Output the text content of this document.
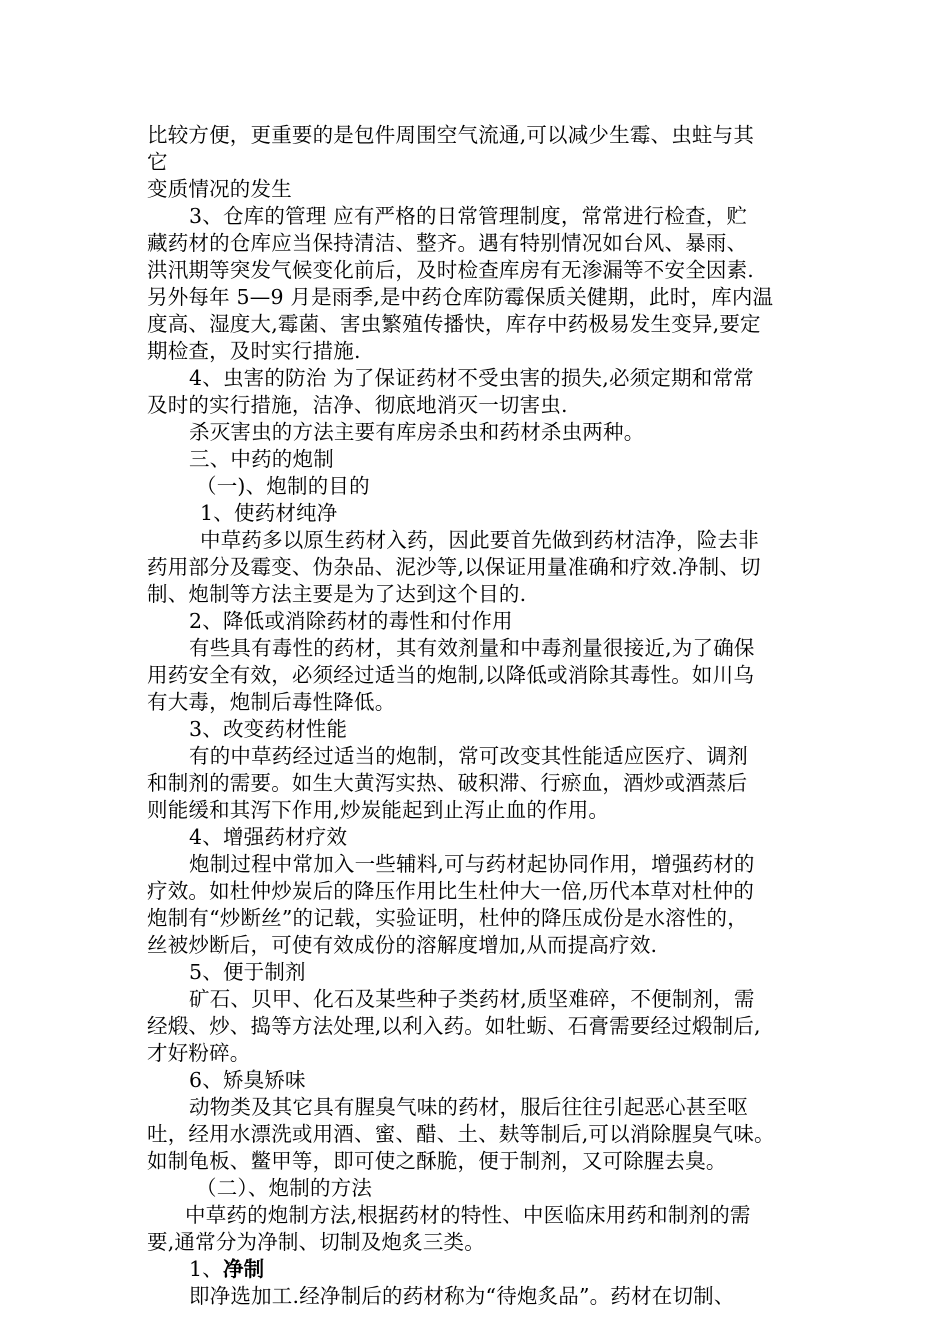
比较方便，更重要的是包件周围空气流通,可以减少生霉、虫蛀与其
它
变质情况的发生
3、仓库的管理 应有严格的日常管理制度，常常进行检查，贮
藏药材的仓库应当保持清洁、整齐。遇有特别情况如台风、暴雨、
洪汛期等突发气候变化前后，及时检查库房有无渗漏等不安全因素.
另外每年 5—9 月是雨季,是中药仓库防霉保质关健期，此时，库内温
度高、湿度大,霉菌、害虫繁殖传播快，库存中药极易发生变异,要定
期检查，及时实行措施.
4、虫害的防治 为了保证药材不受虫害的损失,必须定期和常常
及时的实行措施，洁净、彻底地消灭一切害虫.
杀灭害虫的方法主要有库房杀虫和药材杀虫两种。
三、中药的炮制
（一)、炮制的目的
1、使药材纯净
中草药多以原生药材入药，因此要首先做到药材洁净，险去非
药用部分及霉变、伪杂品、泥沙等,以保证用量准确和疗效.净制、切
制、炮制等方法主要是为了达到这个目的.
2、降低或消除药材的毒性和付作用
有些具有毒性的药材，其有效剂量和中毒剂量很接近,为了确保
用药安全有效，必须经过适当的炮制,以降低或消除其毒性。如川乌
有大毒，炮制后毒性降低。
3、改变药材性能
有的中草药经过适当的炮制，常可改变其性能适应医疗、调剂
和制剂的需要。如生大黄泻实热、破积滞、行瘀血，酒炒或酒蒸后
则能缓和其泻下作用,炒炭能起到止泻止血的作用。
4、增强药材疗效
炮制过程中常加入一些辅料,可与药材起协同作用，增强药材的
疗效。如杜仲炒炭后的降压作用比生杜仲大一倍,历代本草对杜仲的
炮制有“炒断丝”的记载，实验证明，杜仲的降压成份是水溶性的，
丝被炒断后，可使有效成份的溶解度增加,从而提高疗效.
5、便于制剂
矿石、贝甲、化石及某些种子类药材,质坚难碎，不便制剂，需
经煅、炒、捣等方法处理,以利入药。如牡蛎、石膏需要经过煅制后,
才好粉碎。
6、矫臭矫味
动物类及其它具有腥臭气味的药材，服后往往引起恶心甚至呕
吐，经用水漂洗或用酒、蜜、醋、土、麸等制后,可以消除腥臭气味。
如制龟板、鳖甲等，即可使之酥脆，便于制剂，又可除腥去臭。
（二）、炮制的方法
中草药的炮制方法,根据药材的特性、中医临床用药和制剂的需
要,通常分为净制、切制及炮炙三类。
1、净制
即净选加工.经净制后的药材称为“待炮炙品”。药材在切制、
